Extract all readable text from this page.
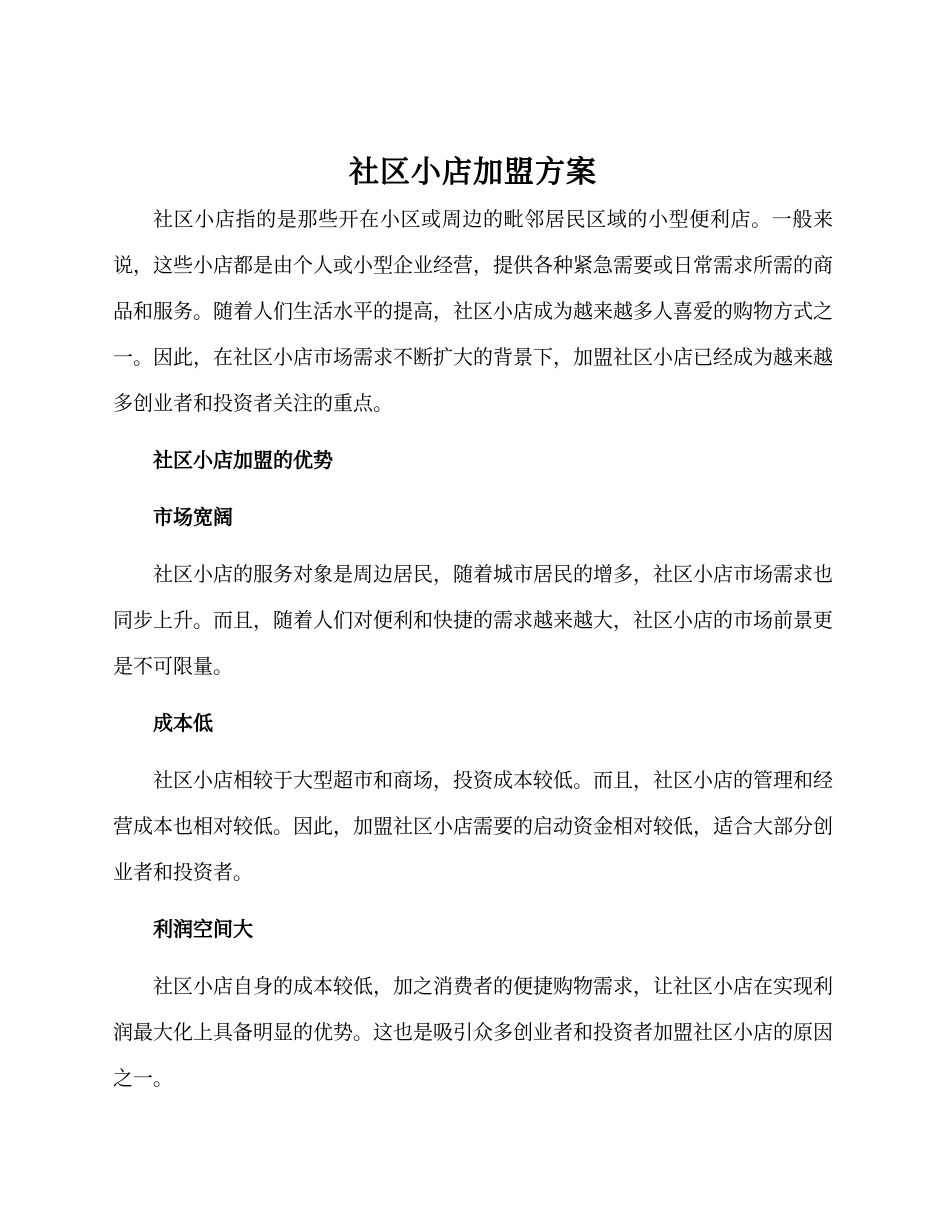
社区小店加盟方案

社区小店指的是那些开在小区或周边的毗邻居民区域的小型便利店。一般来说，这些小店都是由个人或小型企业经营，提供各种紧急需要或日常需求所需的商品和服务。随着人们生活水平的提高，社区小店成为越来越多人喜爱的购物方式之一。因此，在社区小店市场需求不断扩大的背景下，加盟社区小店已经成为越来越多创业者和投资者关注的重点。

社区小店加盟的优势
市场宽阔

社区小店的服务对象是周边居民，随着城市居民的增多，社区小店市场需求也同步上升。而且，随着人们对便利和快捷的需求越来越大，社区小店的市场前景更是不可限量。

成本低

社区小店相较于大型超市和商场，投资成本较低。而且，社区小店的管理和经营成本也相对较低。因此，加盟社区小店需要的启动资金相对较低，适合大部分创业者和投资者。

利润空间大

社区小店自身的成本较低，加之消费者的便捷购物需求，让社区小店在实现利润最大化上具备明显的优势。这也是吸引众多创业者和投资者加盟社区小店的原因之一。
